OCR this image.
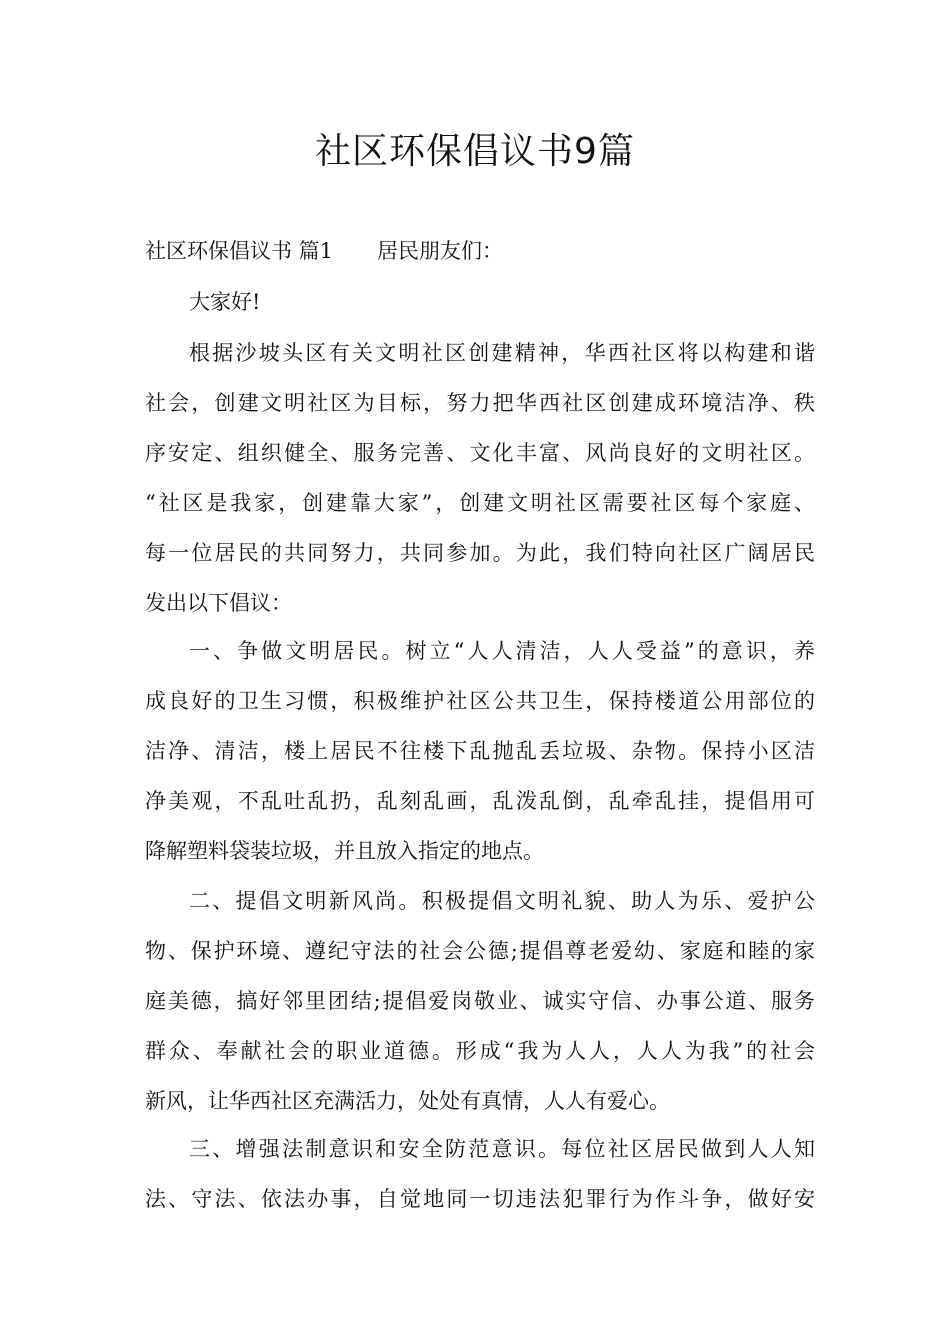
社区环保倡议书9篇

社区环保倡议书 篇1 居民朋友们：

大家好!

根据沙坡头区有关文明社区创建精神，华西社区将以构建和谐

社会，创建文明社区为目标，努力把华西社区创建成环境洁净、秩

序安定、组织健全、服务完善、文化丰富、风尚良好的文明社区。

“社区是我家，创建靠大家”，创建文明社区需要社区每个家庭、

每一位居民的共同努力，共同参加。为此，我们特向社区广阔居民

发出以下倡议：

一、争做文明居民。树立“人人清洁，人人受益”的意识，养

成良好的卫生习惯，积极维护社区公共卫生，保持楼道公用部位的

洁净、清洁，楼上居民不往楼下乱抛乱丢垃圾、杂物。保持小区洁

净美观，不乱吐乱扔，乱刻乱画，乱泼乱倒，乱牵乱挂，提倡用可

降解塑料袋装垃圾，并且放入指定的地点。

二、提倡文明新风尚。积极提倡文明礼貌、助人为乐、爱护公

物、保护环境、遵纪守法的社会公德;提倡尊老爱幼、家庭和睦的家

庭美德，搞好邻里团结;提倡爱岗敬业、诚实守信、办事公道、服务

群众、奉献社会的职业道德。形成“我为人人，人人为我”的社会

新风，让华西社区充满活力，处处有真情，人人有爱心。

三、增强法制意识和安全防范意识。每位社区居民做到人人知

法、守法、依法办事，自觉地同一切违法犯罪行为作斗争，做好安
